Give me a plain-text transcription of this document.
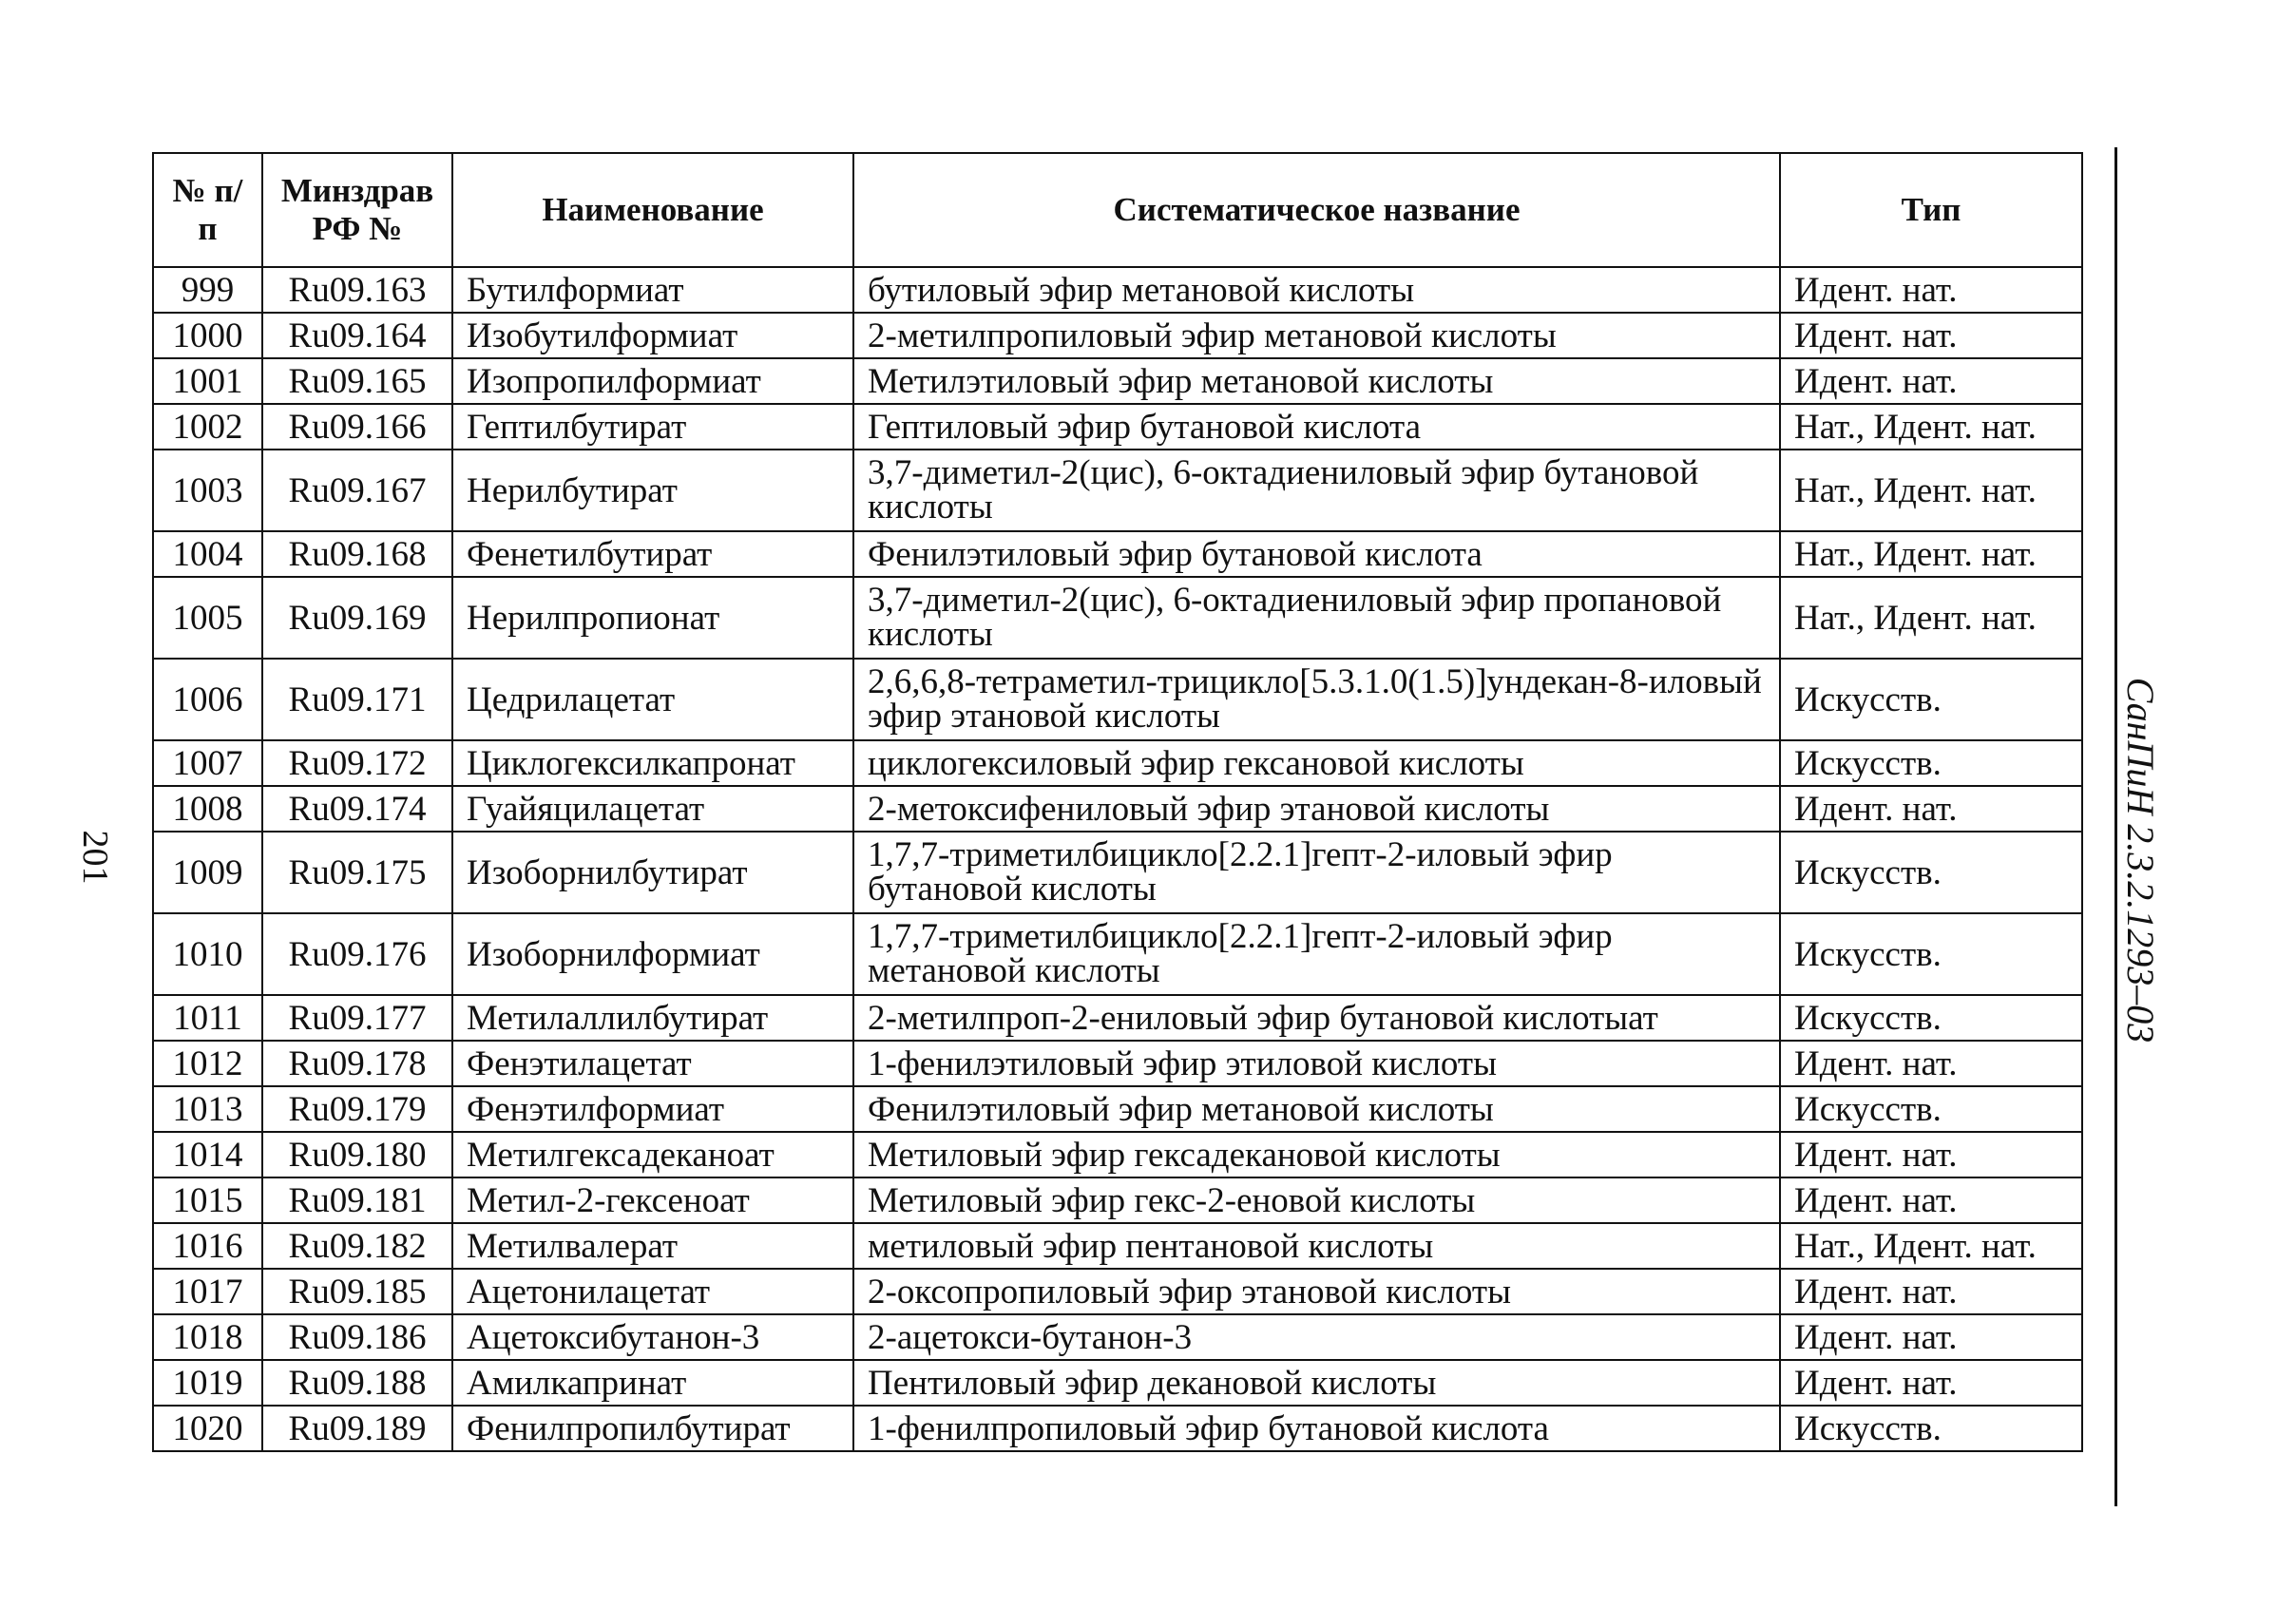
201
№ п/п	Минздрав РФ №	Наименование	Систематическое название	Тип
999	Ru09.163	Бутилформиат	бутиловый эфир метановой кислоты	Идент. нат.
1000	Ru09.164	Изобутилформиат	2-метилпропиловый эфир метановой кислоты	Идент. нат.
1001	Ru09.165	Изопропилформиат	Метилэтиловый эфир метановой кислоты	Идент. нат.
1002	Ru09.166	Гептилбутират	Гептиловый эфир бутановой кислота	Нат., Идент. нат.
1003	Ru09.167	Нерилбутират	3,7-диметил-2(цис), 6-октадиениловый эфир бутановой кислоты	Нат., Идент. нат.
1004	Ru09.168	Фенетилбутират	Фенилэтиловый эфир бутановой кислота	Нат., Идент. нат.
1005	Ru09.169	Нерилпропионат	3,7-диметил-2(цис), 6-октадиениловый эфир пропановой кислоты	Нат., Идент. нат.
1006	Ru09.171	Цедрилацетат	2,6,6,8-тетраметил-трицикло[5.3.1.0(1.5)]ундекан-8-иловый эфир этановой кислоты	Искусств.
1007	Ru09.172	Циклогексилкапронат	циклогексиловый эфир гексановой кислоты	Искусств.
1008	Ru09.174	Гуайяцилацетат	2-метоксифениловый эфир этановой кислоты	Идент. нат.
1009	Ru09.175	Изоборнилбутират	1,7,7-триметилбицикло[2.2.1]гепт-2-иловый эфир бутановой кислоты	Искусств.
1010	Ru09.176	Изоборнилформиат	1,7,7-триметилбицикло[2.2.1]гепт-2-иловый эфир метановой кислоты	Искусств.
1011	Ru09.177	Метилаллилбутират	2-метилпроп-2-ениловый эфир бутановой кислотыат	Искусств.
1012	Ru09.178	Фенэтилацетат	1-фенилэтиловый эфир этиловой кислоты	Идент. нат.
1013	Ru09.179	Фенэтилформиат	Фенилэтиловый эфир метановой кислоты	Искусств.
1014	Ru09.180	Метилгексадеканоат	Метиловый эфир гексадекановой кислоты	Идент. нат.
1015	Ru09.181	Метил-2-гексеноат	Метиловый эфир гекс-2-еновой кислоты	Идент. нат.
1016	Ru09.182	Метилвалерат	метиловый эфир пентановой кислоты	Нат., Идент. нат.
1017	Ru09.185	Ацетонилацетат	2-оксопропиловый эфир этановой кислоты	Идент. нат.
1018	Ru09.186	Ацетоксибутанон-3	2-ацетокси-бутанон-3	Идент. нат.
1019	Ru09.188	Амилкапринат	Пентиловый эфир декановой кислоты	Идент. нат.
1020	Ru09.189	Фенилпропилбутират	1-фенилпропиловый эфир бутановой кислота	Искусств.
СанПиН 2.3.2.1293–03
